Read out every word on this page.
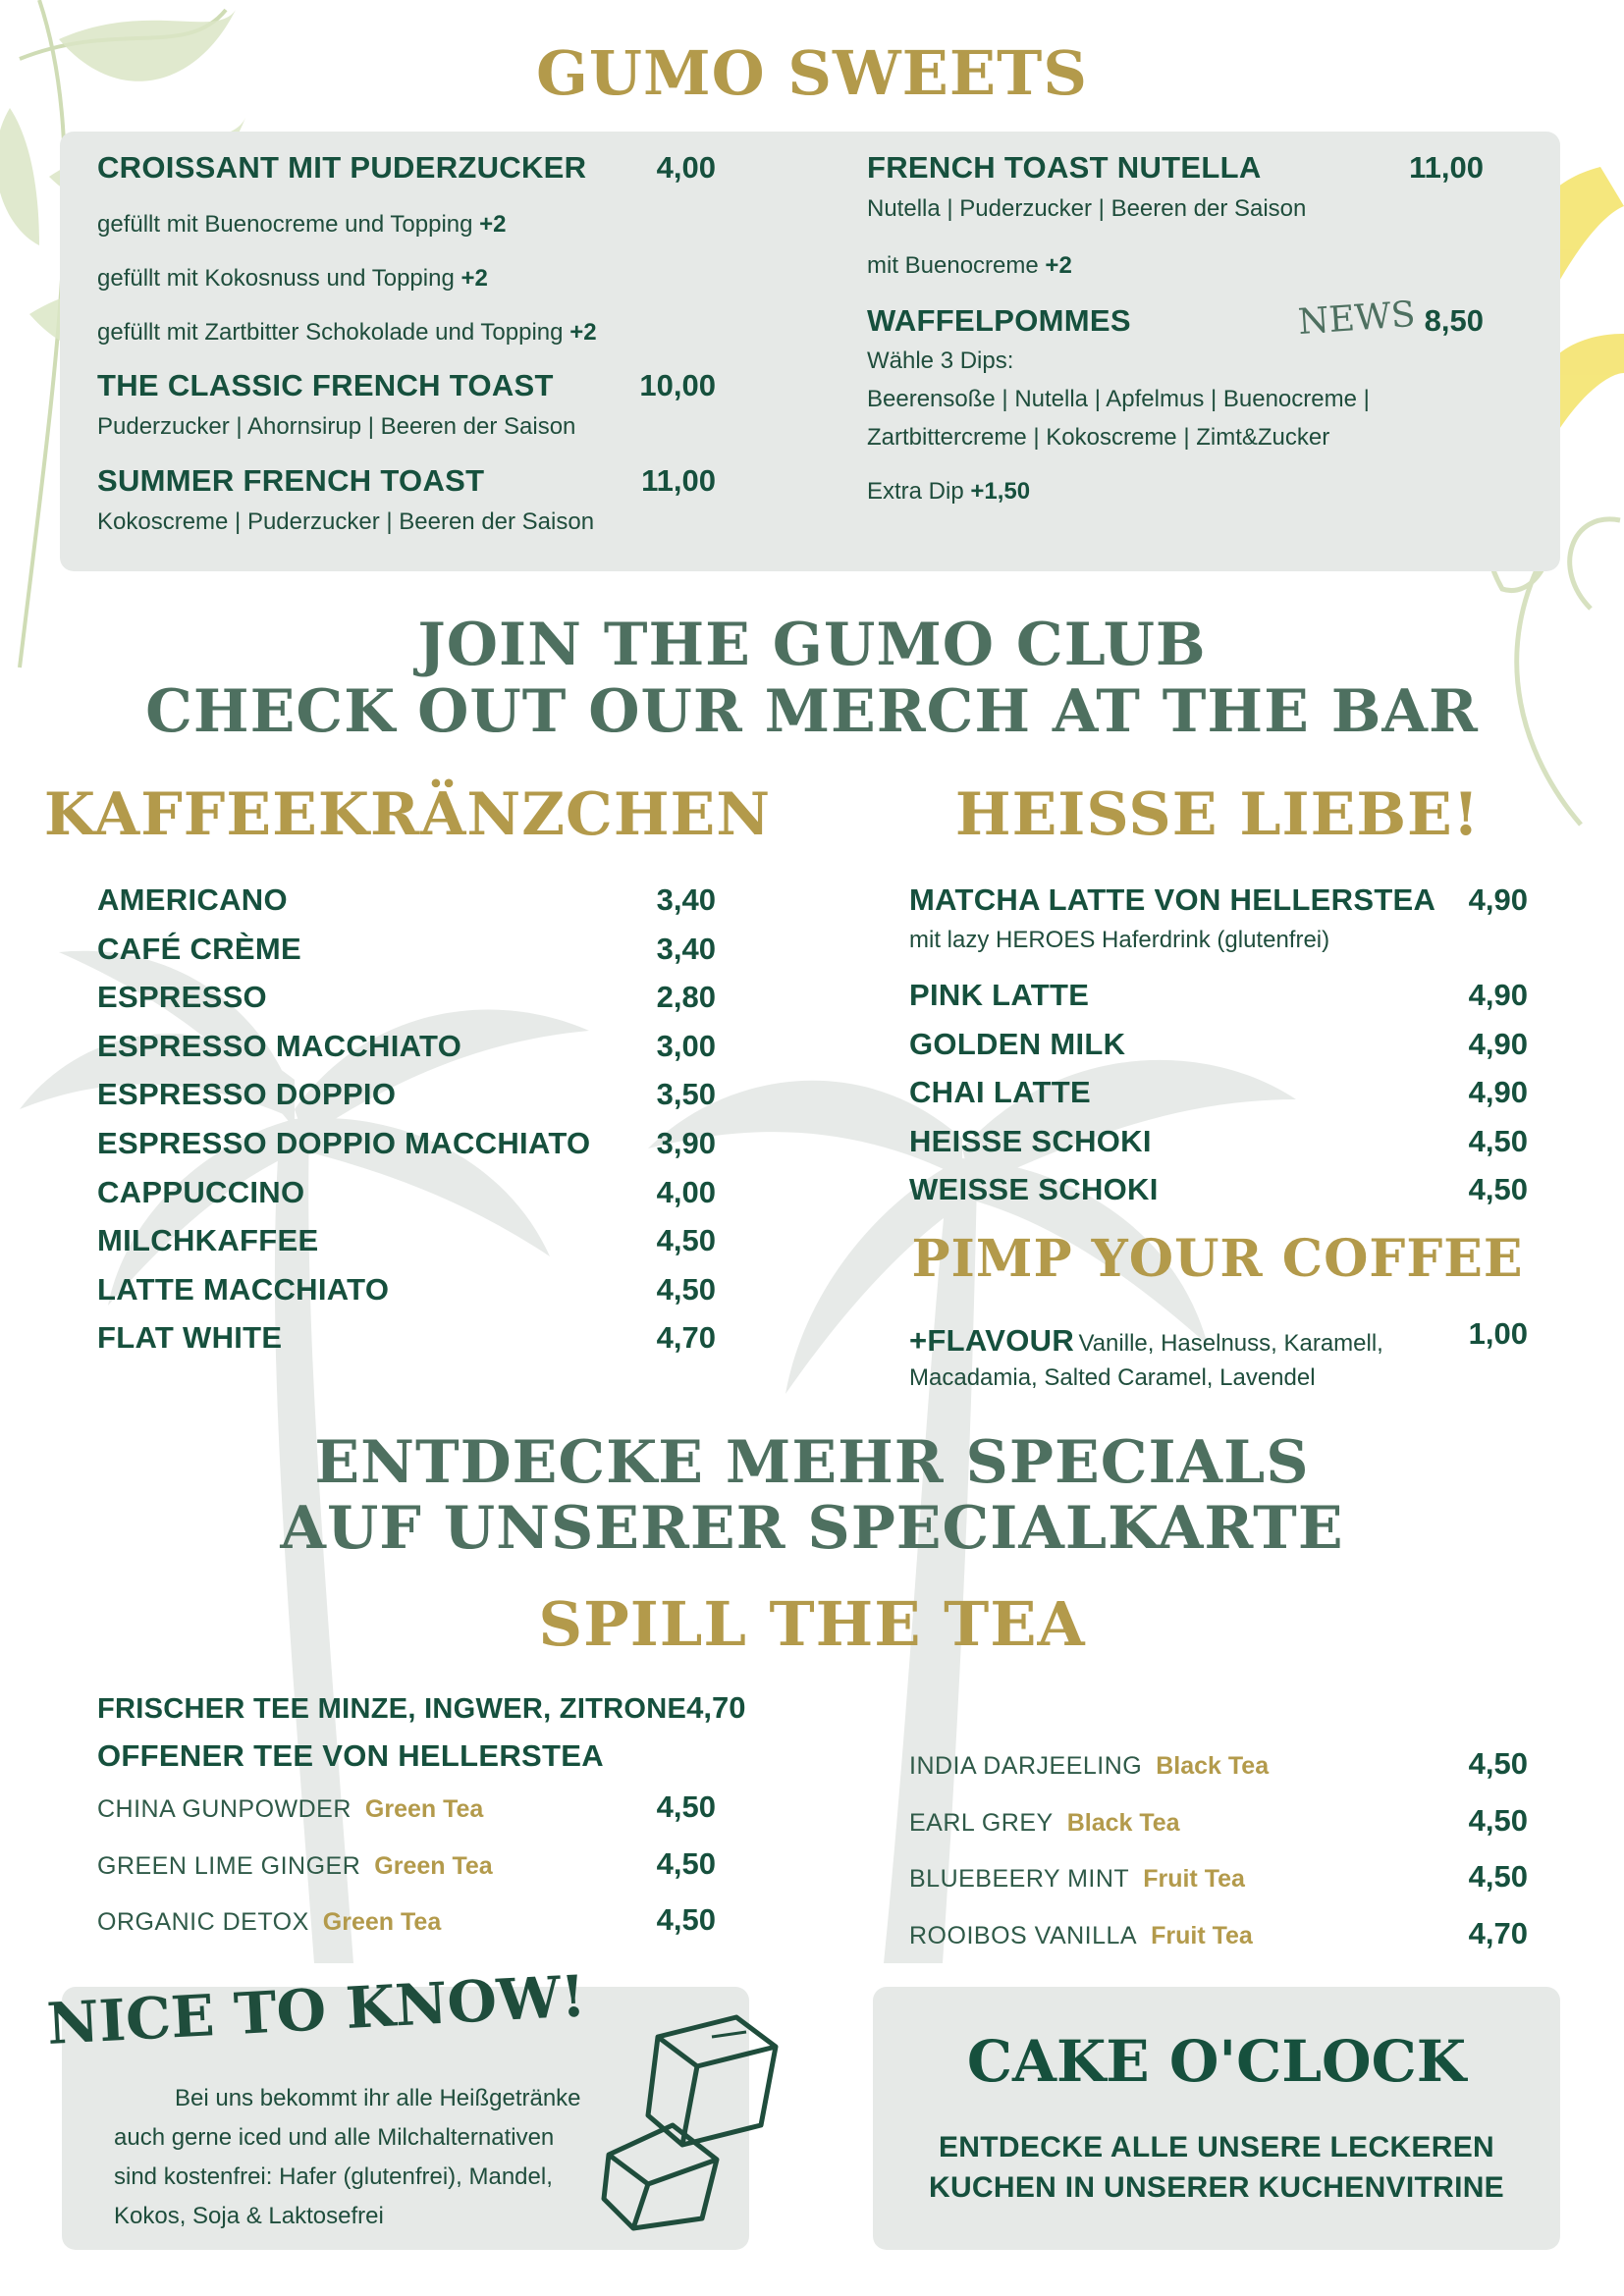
GUMO SWEETS
CROISSANT MIT PUDERZUCKER 4,00
gefüllt mit Buenocreme und Topping +2
gefüllt mit Kokosnuss und Topping +2
gefüllt mit Zartbitter Schokolade und Topping +2
THE CLASSIC FRENCH TOAST	10,00
Puderzucker | Ahornsirup | Beeren der Saison
SUMMER FRENCH TOAST	11,00
Kokoscreme | Puderzucker | Beeren der Saison
FRENCH TOAST NUTELLA	11,00
Nutella | Puderzucker | Beeren der Saison
mit Buenocreme +2
WAFFELPOMMES	NEWS 8,50
Wähle 3 Dips:
Beerensoße | Nutella | Apfelmus | Buenocreme |
Zartbittercreme | Kokoscreme | Zimt&Zucker
Extra Dip +1,50
JOIN THE GUMO CLUB
CHECK OUT OUR MERCH AT THE BAR
KAFFEEKRÄNZCHEN
AMERICANO	3,40
CAFÉ CRÈME	3,40
ESPRESSO	2,80
ESPRESSO MACCHIATO	3,00
ESPRESSO DOPPIO	3,50
ESPRESSO DOPPIO MACCHIATO 3,90
CAPPUCCINO	4,00
MILCHKAFFEE	4,50
LATTE MACCHIATO	4,50
FLAT WHITE	4,70
HEISSE LIEBE!
MATCHA LATTE VON HELLERSTEA 4,90
mit lazy HEROES Haferdrink (glutenfrei)
PINK LATTE	4,90
GOLDEN MILK	4,90
CHAI LATTE	4,90
HEISSE SCHOKI	4,50
WEISSE SCHOKI	4,50
PIMP YOUR COFFEE
+FLAVOUR Vanille, Haselnuss, Karamell,	1,00
Macadamia, Salted Caramel, Lavendel
ENTDECKE MEHR SPECIALS
AUF UNSERER SPECIALKARTE
SPILL THE TEA
FRISCHER TEE MINZE, INGWER, ZITRONE 4,70
OFFENER TEE VON HELLERSTEA
CHINA GUNPOWDER Green Tea	4,50
GREEN LIME GINGER Green Tea	4,50
ORGANIC DETOX Green Tea	4,50
INDIA DARJEELING Black Tea	4,50
EARL GREY Black Tea	4,50
BLUEBEERY MINT Fruit Tea	4,50
ROOIBOS VANILLA Fruit Tea	4,70
NICE TO KNOW!
Bei uns bekommt ihr alle Heißgetränke
auch gerne iced und alle Milchalternativen
sind kostenfrei: Hafer (glutenfrei), Mandel,
Kokos, Soja & Laktosefrei
CAKE O'CLOCK
ENTDECKE ALLE UNSERE LECKEREN
KUCHEN IN UNSERER KUCHENVITRINE
